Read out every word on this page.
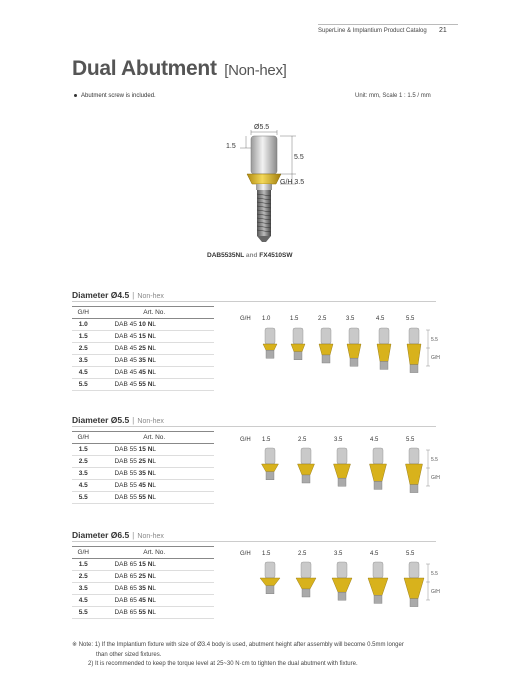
SuperLine & Implantium Product Catalog 21
Dual Abutment [Non-hex]
Abutment screw is included.	Unit: mm, Scale 1 : 1.5 / mm
Ø5.5
1.5
5.5
G/H 3.5
DAB5535NL and FX4510SW
Diameter Ø4.5 | Non-hex
G/H	Art. No.
1.0	DAB 45 10 NL
1.5	DAB 45 15 NL
2.5	DAB 45 25 NL
3.5	DAB 45 35 NL
4.5	DAB 45 45 NL
5.5	DAB 45 55 NL
G/H 1.0	1.5	2.5	3.5	4.5	5.5
5.5
G/H
Diameter Ø5.5 | Non-hex
G/H	Art. No.
1.5	DAB 55 15 NL
2.5	DAB 55 25 NL
3.5	DAB 55 35 NL
4.5	DAB 55 45 NL
5.5	DAB 55 55 NL
G/H 1.5	2.5	3.5	4.5	5.5
5.5
G/H
Diameter Ø6.5 | Non-hex
G/H	Art. No.
1.5	DAB 65 15 NL
2.5	DAB 65 25 NL
3.5	DAB 65 35 NL
4.5	DAB 65 45 NL
5.5	DAB 65 55 NL
G/H 1.5	2.5	3.5	4.5	5.5
5.5
G/H
※ Note: 1) If the Implantium fixture with size of Ø3.4 body is used, abutment height after assembly will become 0.5mm longer
than other sized fixtures.
2) It is recommended to keep the torque level at 25~30 N·cm to tighten the dual abutment with fixture.
